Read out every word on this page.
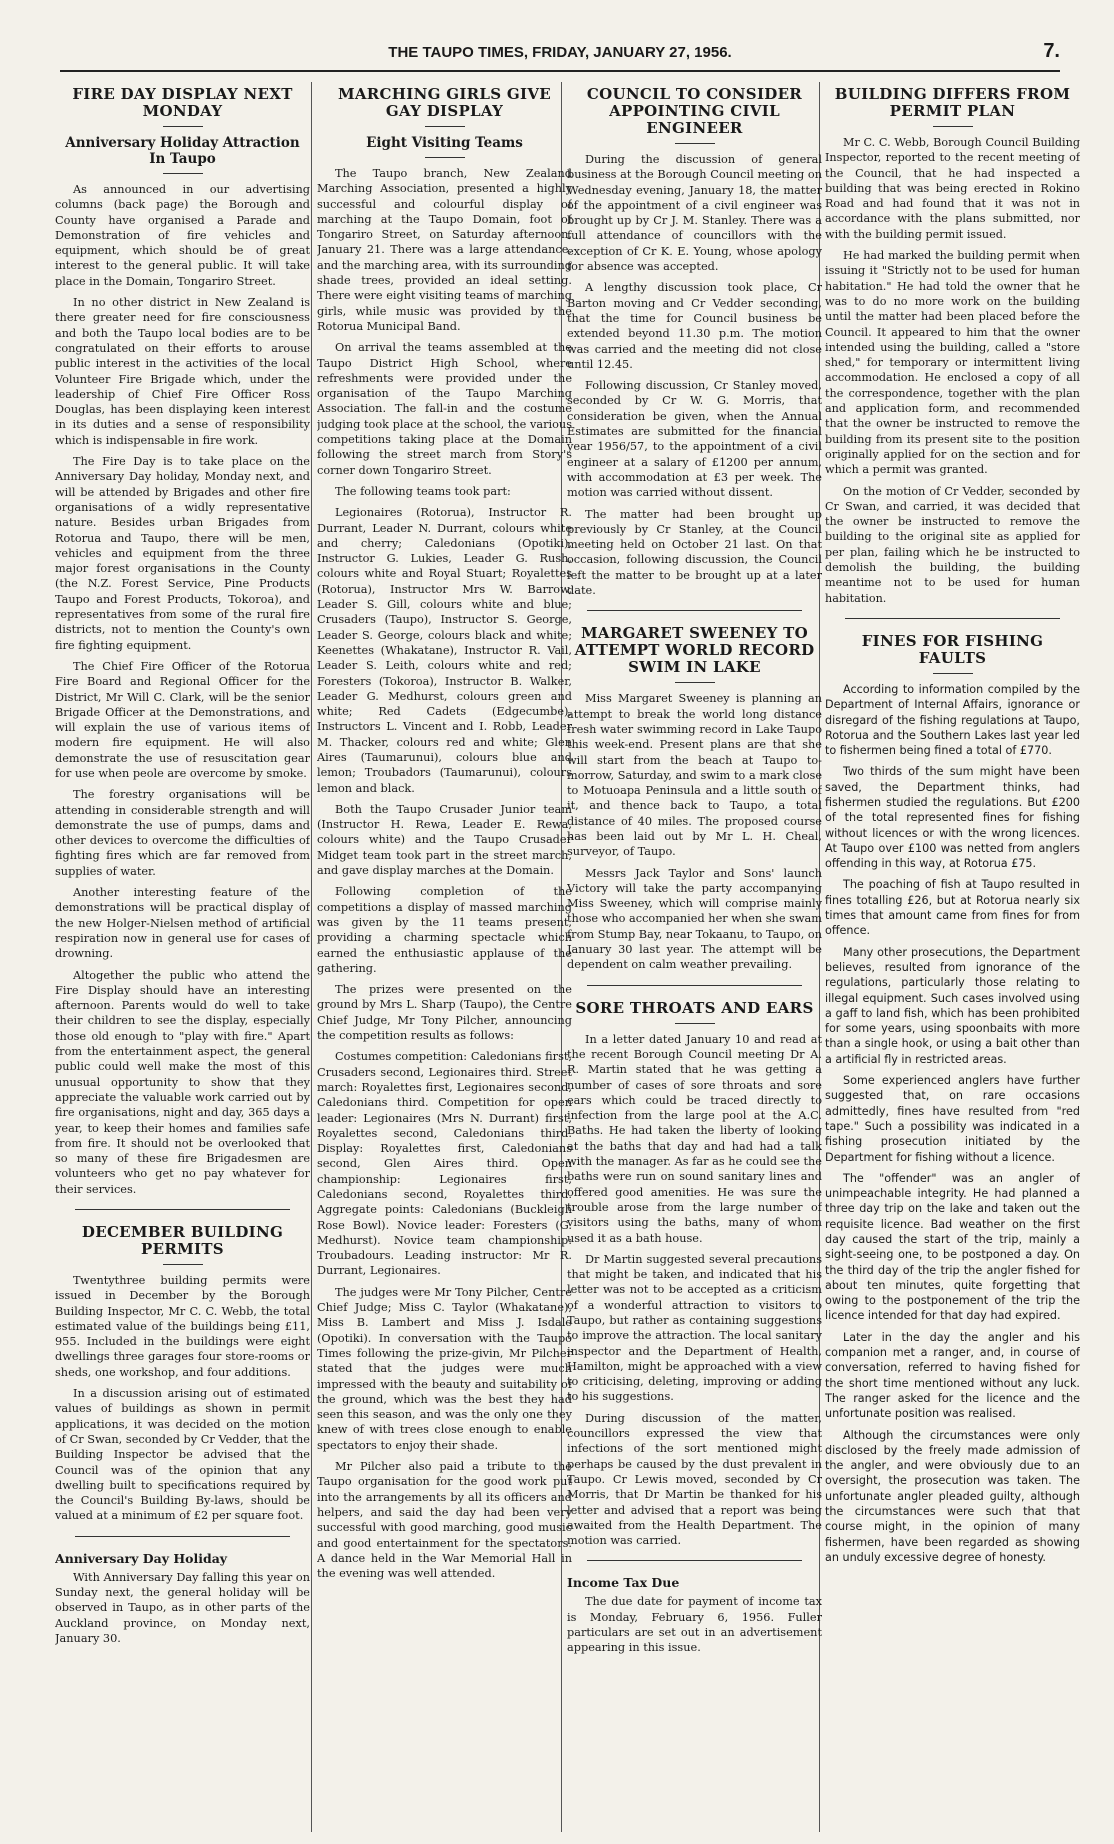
THE TAUPO TIMES, FRIDAY, JANUARY 27, 1956.	7.
FIRE DAY DISPLAY NEXT MONDAY
Anniversary Holiday Attraction In Taupo

As announced in our advertising columns (back page) the Borough and County have organised a Parade and Demonstration of fire vehicles and equipment, which should be of great interest to the general public. It will take place in the Domain, Tongariro Street.

In no other district in New Zealand is there greater need for fire consciousness and both the Taupo local bodies are to be congratulated on their efforts to arouse public interest in the activities of the local Volunteer Fire Brigade which, under the leadership of Chief Fire Officer Ross Douglas, has been displaying keen interest in its duties and a sense of responsibility which is indispensable in fire work.

The Fire Day is to take place on the Anniversary Day holiday, Monday next, and will be attended by Brigades and other fire organisations of a widly representative nature. Besides urban Brigades from Rotorua and Taupo, there will be men, vehicles and equipment from the three major forest organisations in the County (the N.Z. Forest Service, Pine Products Taupo and Forest Products, Tokoroa), and representatives from some of the rural fire districts, not to mention the County's own fire fighting equipment.

The Chief Fire Officer of the Rotorua Fire Board and Regional Officer for the District, Mr Will C. Clark, will be the senior Brigade Officer at the Demonstrations, and will explain the use of various items of modern fire equipment. He will also demonstrate the use of resuscitation gear for use when peole are overcome by smoke.

The forestry organisations will be attending in considerable strength and will demonstrate the use of pumps, dams and other devices to overcome the difficulties of fighting fires which are far removed from supplies of water.

Another interesting feature of the demonstrations will be practical display of the new Holger-Nielsen method of artificial respiration now in general use for cases of drowning.

Altogether the public who attend the Fire Display should have an interesting afternoon. Parents would do well to take their children to see the display, especially those old enough to "play with fire." Apart from the entertainment aspect, the general public could well make the most of this unusual opportunity to show that they appreciate the valuable work carried out by fire organisations, night and day, 365 days a year, to keep their homes and families safe from fire. It should not be overlooked that so many of these fire Brigadesmen are volunteers who get no pay whatever for their services.

DECEMBER BUILDING PERMITS

Twentythree building permits were issued in December by the Borough Building Inspector, Mr C. C. Webb, the total estimated value of the buildings being £11, 955. Included in the buildings were eight dwellings three garages four store-rooms or sheds, one workshop, and four additions.

In a discussion arising out of estimated values of buildings as shown in permit applications, it was decided on the motion of Cr Swan, seconded by Cr Vedder, that the Building Inspector be advised that the Council was of the opinion that any dwelling built to specifications required by the Council's Building By-laws, should be valued at a minimum of £2 per square foot.

Anniversary Day Holiday

With Anniversary Day falling this year on Sunday next, the general holiday will be observed in Taupo, as in other parts of the Auckland province, on Monday next, January 30.

MARCHING GIRLS GIVE GAY DISPLAY
Eight Visiting Teams

The Taupo branch, New Zealand Marching Association, presented a highly successful and colourful display of marching at the Taupo Domain, foot of Tongariro Street, on Saturday afternoon, January 21. There was a large attendance, and the marching area, with its surrounding shade trees, provided an ideal setting. There were eight visiting teams of marching girls, while music was provided by the Rotorua Municipal Band.

On arrival the teams assembled at the Taupo District High School, where refreshments were provided under the organisation of the Taupo Marching Association. The fall-in and the costume judging took place at the school, the various competitions taking place at the Domain following the street march from Story's corner down Tongariro Street.

The following teams took part:

Legionaires (Rotorua), Instructor R. Durrant, Leader N. Durrant, colours white and cherry; Caledonians (Opotiki), Instructor G. Lukies, Leader G. Rush, colours white and Royal Stuart; Royalettes (Rotorua), Instructor Mrs W. Barrow, Leader S. Gill, colours white and blue; Crusaders (Taupo), Instructor S. George, Leader S. George, colours black and white; Keenettes (Whakatane), Instructor R. Vail, Leader S. Leith, colours white and red; Foresters (Tokoroa), Instructor B. Walker, Leader G. Medhurst, colours green and white; Red Cadets (Edgecumbe), Instructors L. Vincent and I. Robb, Leader M. Thacker, colours red and white; Glen Aires (Taumarunui), colours blue and lemon; Troubadors (Taumarunui), colours lemon and black.

Both the Taupo Crusader Junior team (Instructor H. Rewa, Leader E. Rewa, colours white) and the Taupo Crusader Midget team took part in the street march, and gave display marches at the Domain.

Following completion of the competitions a display of massed marching was given by the 11 teams present, providing a charming spectacle which earned the enthusiastic applause of the gathering.

The prizes were presented on the ground by Mrs L. Sharp (Taupo), the Centre Chief Judge, Mr Tony Pilcher, announcing the competition results as follows:

Costumes competition: Caledonians first, Crusaders second, Legionaires third. Street march: Royalettes first, Legionaires second, Caledonians third. Competition for open leader: Legionaires (Mrs N. Durrant) first, Royalettes second, Caledonians third. Display: Royalettes first, Caledonians second, Glen Aires third. Open championship: Legionaires first, Caledonians second, Royalettes third. Aggregate points: Caledonians (Buckleigh Rose Bowl). Novice leader: Foresters (G. Medhurst). Novice team championship: Troubadours. Leading instructor: Mr R. Durrant, Legionaires.

The judges were Mr Tony Pilcher, Centre Chief Judge; Miss C. Taylor (Whakatane), Miss B. Lambert and Miss J. Isdale (Opotiki). In conversation with the Taupo Times following the prize-givin, Mr Pilcher stated that the judges were much impressed with the beauty and suitability of the ground, which was the best they had seen this season, and was the only one they knew of with trees close enough to enable spectators to enjoy their shade.

Mr Pilcher also paid a tribute to the Taupo organisation for the good work put into the arrangements by all its officers and helpers, and said the day had been very successful with good marching, good music and good entertainment for the spectators. A dance held in the War Memorial Hall in the evening was well attended.

COUNCIL TO CONSIDER APPOINTING CIVIL ENGINEER

During the discussion of general business at the Borough Council meeting on Wednesday evening, January 18, the matter of the appointment of a civil engineer was brought up by Cr J. M. Stanley. There was a full attendance of councillors with the exception of Cr K. E. Young, whose apology for absence was accepted.

A lengthy discussion took place, Cr Barton moving and Cr Vedder seconding, that the time for Council business be extended beyond 11.30 p.m. The motion was carried and the meeting did not close until 12.45.

Following discussion, Cr Stanley moved, seconded by Cr W. G. Morris, that consideration be given, when the Annual Estimates are submitted for the financial year 1956/57, to the appointment of a civil engineer at a salary of £1200 per annum, with accommodation at £3 per week. The motion was carried without dissent.

The matter had been brought up previously by Cr Stanley, at the Council meeting held on October 21 last. On that occasion, following discussion, the Council left the matter to be brought up at a later date.

MARGARET SWEENEY TO ATTEMPT WORLD RECORD SWIM IN LAKE

Miss Margaret Sweeney is planning an attempt to break the world long distance fresh water swimming record in Lake Taupo this week-end. Present plans are that she will start from the beach at Taupo to-morrow, Saturday, and swim to a mark close to Motuoapa Peninsula and a little south of it, and thence back to Taupo, a total distance of 40 miles. The proposed course has been laid out by Mr L. H. Cheal, surveyor, of Taupo.

Messrs Jack Taylor and Sons' launch Victory will take the party accompanying Miss Sweeney, which will comprise mainly those who accompanied her when she swam from Stump Bay, near Tokaanu, to Taupo, on January 30 last year. The attempt will be dependent on calm weather prevailing.

SORE THROATS AND EARS

In a letter dated January 10 and read at the recent Borough Council meeting Dr A. R. Martin stated that he was getting a number of cases of sore throats and sore ears which could be traced directly to infection from the large pool at the A.C. Baths. He had taken the liberty of looking at the baths that day and had had a talk with the manager. As far as he could see the baths were run on sound sanitary lines and offered good amenities. He was sure the trouble arose from the large number of visitors using the baths, many of whom used it as a bath house.

Dr Martin suggested several precautions that might be taken, and indicated that his letter was not to be accepted as a criticism of a wonderful attraction to visitors to Taupo, but rather as containing suggestions to improve the attraction. The local sanitary inspector and the Department of Health, Hamilton, might be approached with a view to criticising, deleting, improving or adding to his suggestions.

During discussion of the matter, councillors expressed the view that infections of the sort mentioned might perhaps be caused by the dust prevalent in Taupo. Cr Lewis moved, seconded by Cr Morris, that Dr Martin be thanked for his letter and advised that a report was being awaited from the Health Department. The motion was carried.

Income Tax Due

The due date for payment of income tax is Monday, February 6, 1956. Fuller particulars are set out in an advertisement appearing in this issue.

BUILDING DIFFERS FROM PERMIT PLAN

Mr C. C. Webb, Borough Council Building Inspector, reported to the recent meeting of the Council, that he had inspected a building that was being erected in Rokino Road and had found that it was not in accordance with the plans submitted, nor with the building permit issued.

He had marked the building permit when issuing it "Strictly not to be used for human habitation." He had told the owner that he was to do no more work on the building until the matter had been placed before the Council. It appeared to him that the owner intended using the building, called a "store shed," for temporary or intermittent living accommodation. He enclosed a copy of all the correspondence, together with the plan and application form, and recommended that the owner be instructed to remove the building from its present site to the position originally applied for on the section and for which a permit was granted.

On the motion of Cr Vedder, seconded by Cr Swan, and carried, it was decided that the owner be instructed to remove the building to the original site as applied for per plan, failing which he be instructed to demolish the building, the building meantime not to be used for human habitation.

FINES FOR FISHING FAULTS

According to information compiled by the Department of Internal Affairs, ignorance or disregard of the fishing regulations at Taupo, Rotorua and the Southern Lakes last year led to fishermen being fined a total of £770.

Two thirds of the sum might have been saved, the Department thinks, had fishermen studied the regulations. But £200 of the total represented fines for fishing without licences or with the wrong licences. At Taupo over £100 was netted from anglers offending in this way, at Rotorua £75.

The poaching of fish at Taupo resulted in fines totalling £26, but at Rotorua nearly six times that amount came from fines for from offence.

Many other prosecutions, the Department believes, resulted from ignorance of the regulations, particularly those relating to illegal equipment. Such cases involved using a gaff to land fish, which has been prohibited for some years, using spoonbaits with more than a single hook, or using a bait other than a artificial fly in restricted areas.

Some experienced anglers have further suggested that, on rare occasions admittedly, fines have resulted from "red tape." Such a possibility was indicated in a fishing prosecution initiated by the Department for fishing without a licence.

The "offender" was an angler of unimpeachable integrity. He had planned a three day trip on the lake and taken out the requisite licence. Bad weather on the first day caused the start of the trip, mainly a sight-seeing one, to be postponed a day. On the third day of the trip the angler fished for about ten minutes, quite forgetting that owing to the postponement of the trip the licence intended for that day had expired.

Later in the day the angler and his companion met a ranger, and, in course of conversation, referred to having fished for the short time mentioned without any luck. The ranger asked for the licence and the unfortunate position was realised.

Although the circumstances were only disclosed by the freely made admission of the angler, and were obviously due to an oversight, the prosecution was taken. The unfortunate angler pleaded guilty, although the circumstances were such that that course might, in the opinion of many fishermen, have been regarded as showing an unduly excessive degree of honesty.
